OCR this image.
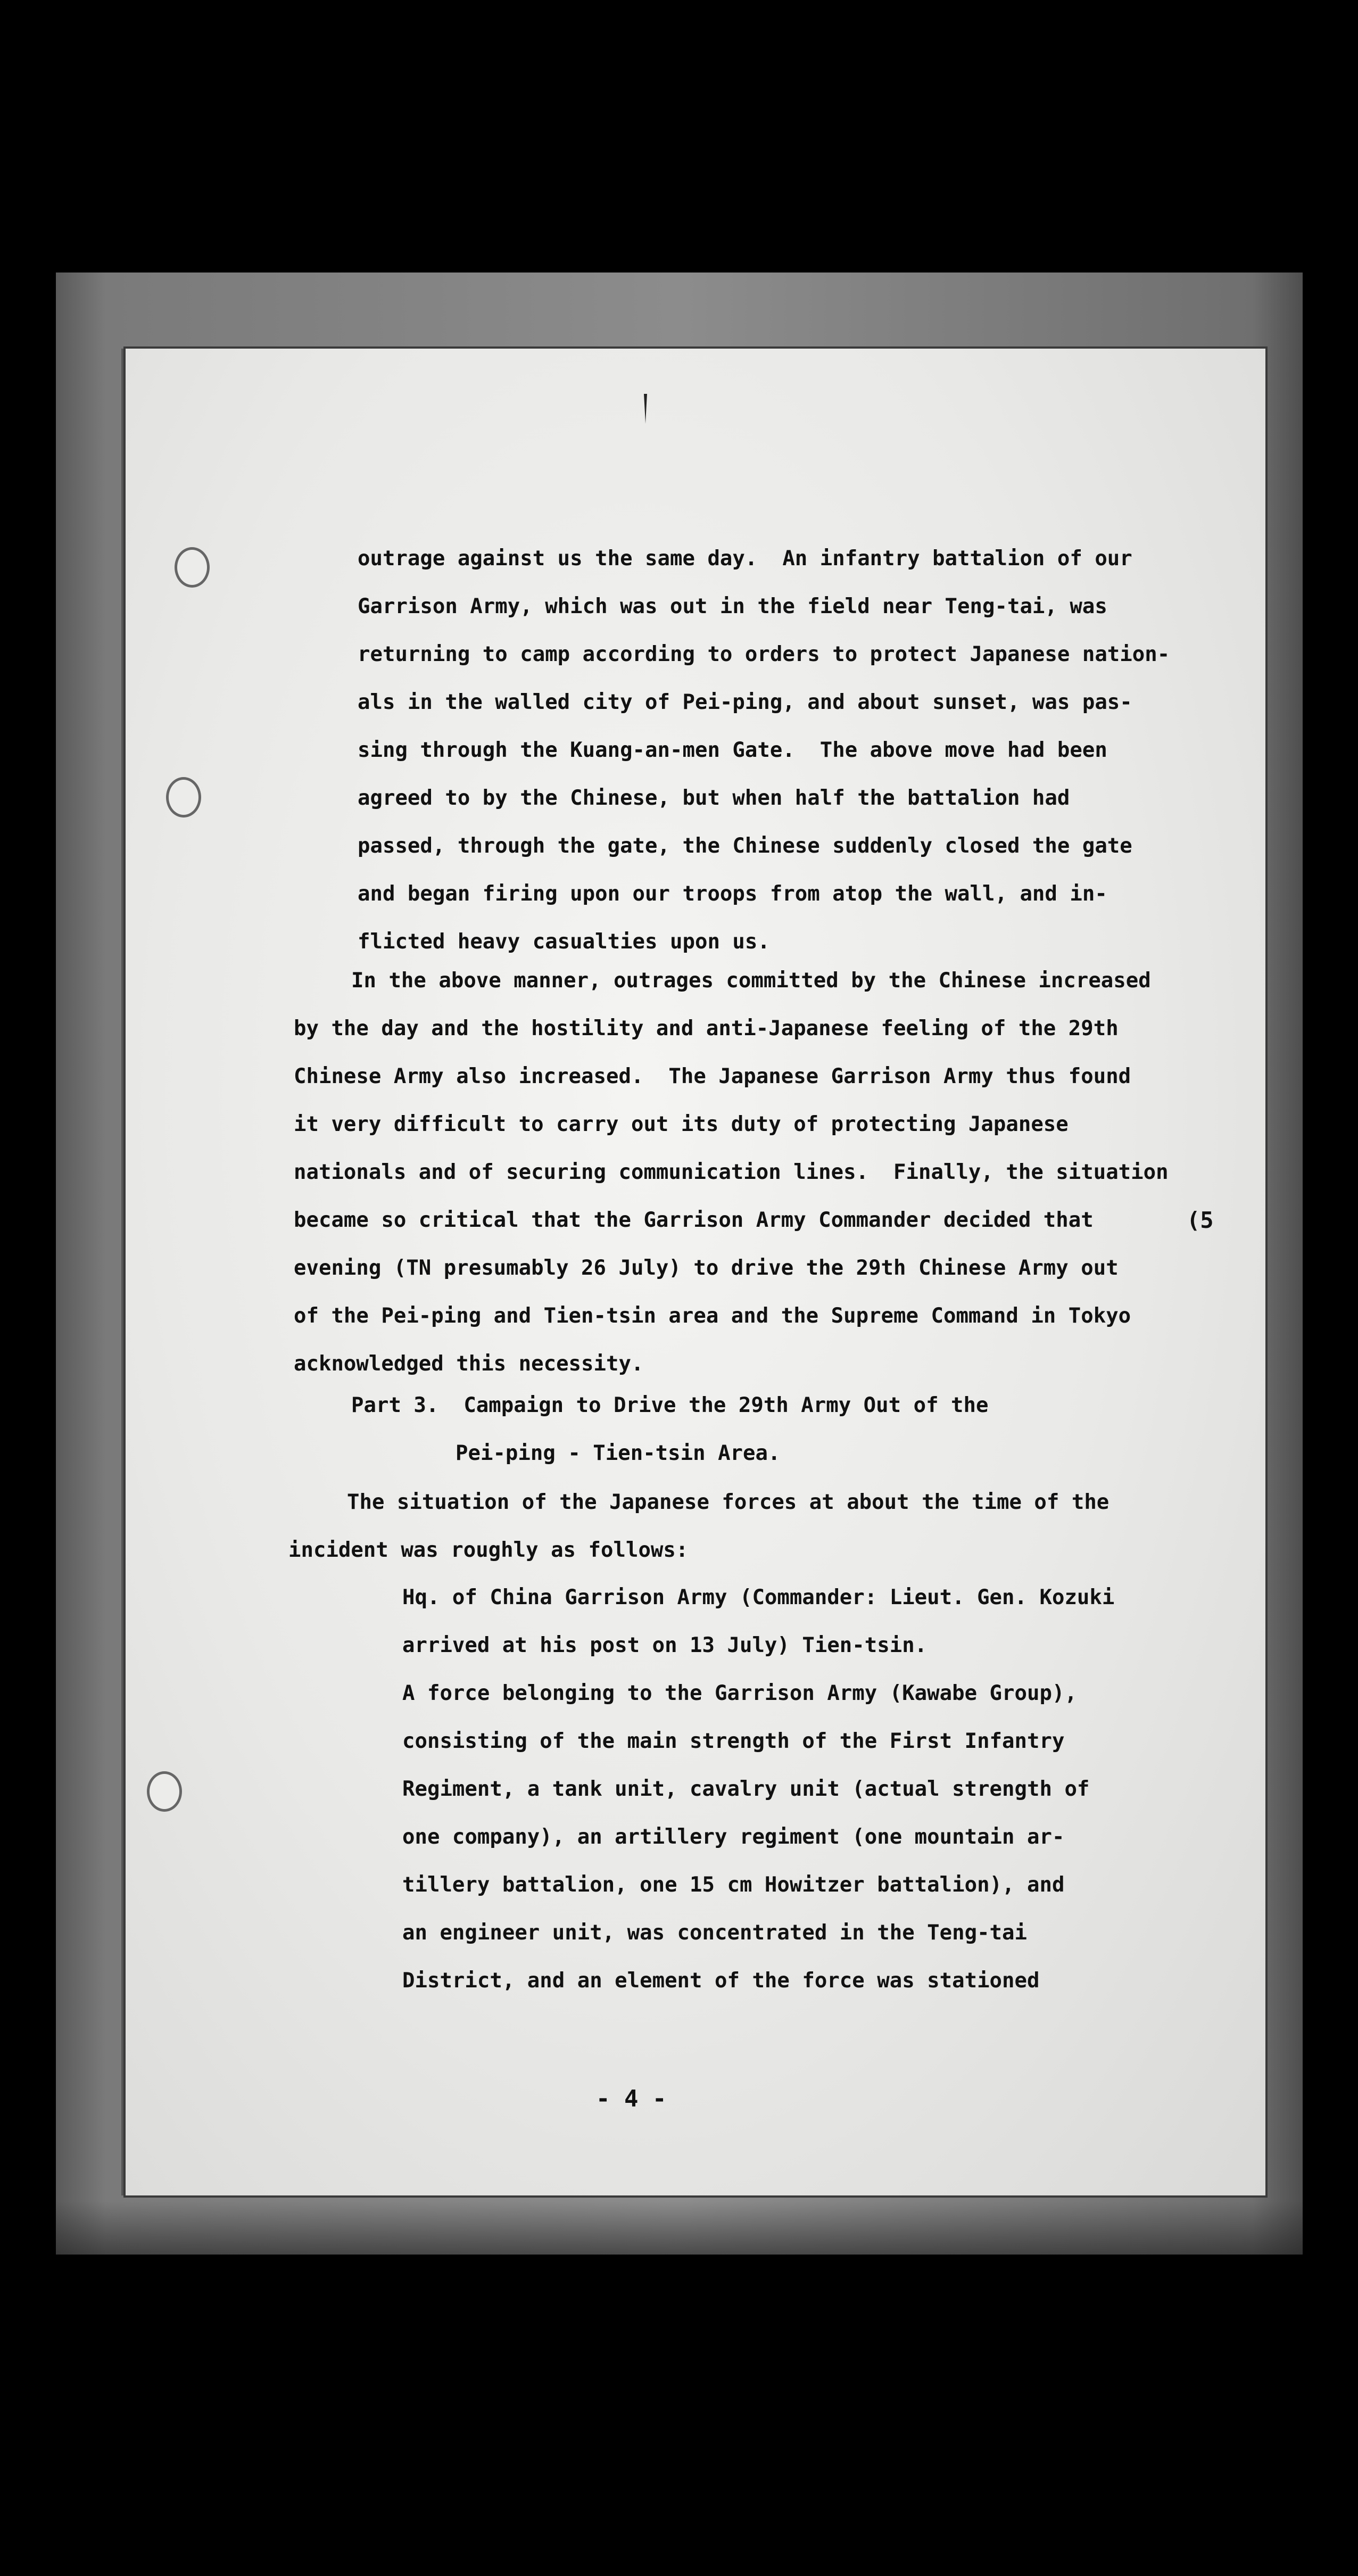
outrage against us the same day.  An infantry battalion of our
Garrison Army, which was out in the field near Teng-tai, was
returning to camp according to orders to protect Japanese nation-
als in the walled city of Pei-ping, and about sunset, was pas-
sing through the Kuang-an-men Gate.  The above move had been
agreed to by the Chinese, but when half the battalion had
passed, through the gate, the Chinese suddenly closed the gate
and began firing upon our troops from atop the wall, and in-
flicted heavy casualties upon us.
In the above manner, outrages committed by the Chinese increased
by the day and the hostility and anti-Japanese feeling of the 29th
Chinese Army also increased.  The Japanese Garrison Army thus found
it very difficult to carry out its duty of protecting Japanese
nationals and of securing communication lines.  Finally, the situation
became so critical that the Garrison Army Commander decided that
evening (TN presumably 26 July) to drive the 29th Chinese Army out
of the Pei-ping and Tien-tsin area and the Supreme Command in Tokyo
acknowledged this necessity.
Part 3.  Campaign to Drive the 29th Army Out of the
Pei-ping - Tien-tsin Area.
The situation of the Japanese forces at about the time of the
incident was roughly as follows:
Hq. of China Garrison Army (Commander: Lieut. Gen. Kozuki
arrived at his post on 13 July) Tien-tsin.
A force belonging to the Garrison Army (Kawabe Group),
consisting of the main strength of the First Infantry
Regiment, a tank unit, cavalry unit (actual strength of
one company), an artillery regiment (one mountain ar-
tillery battalion, one 15 cm Howitzer battalion), and
an engineer unit, was concentrated in the Teng-tai
District, and an element of the force was stationed
(5
- 4 -
